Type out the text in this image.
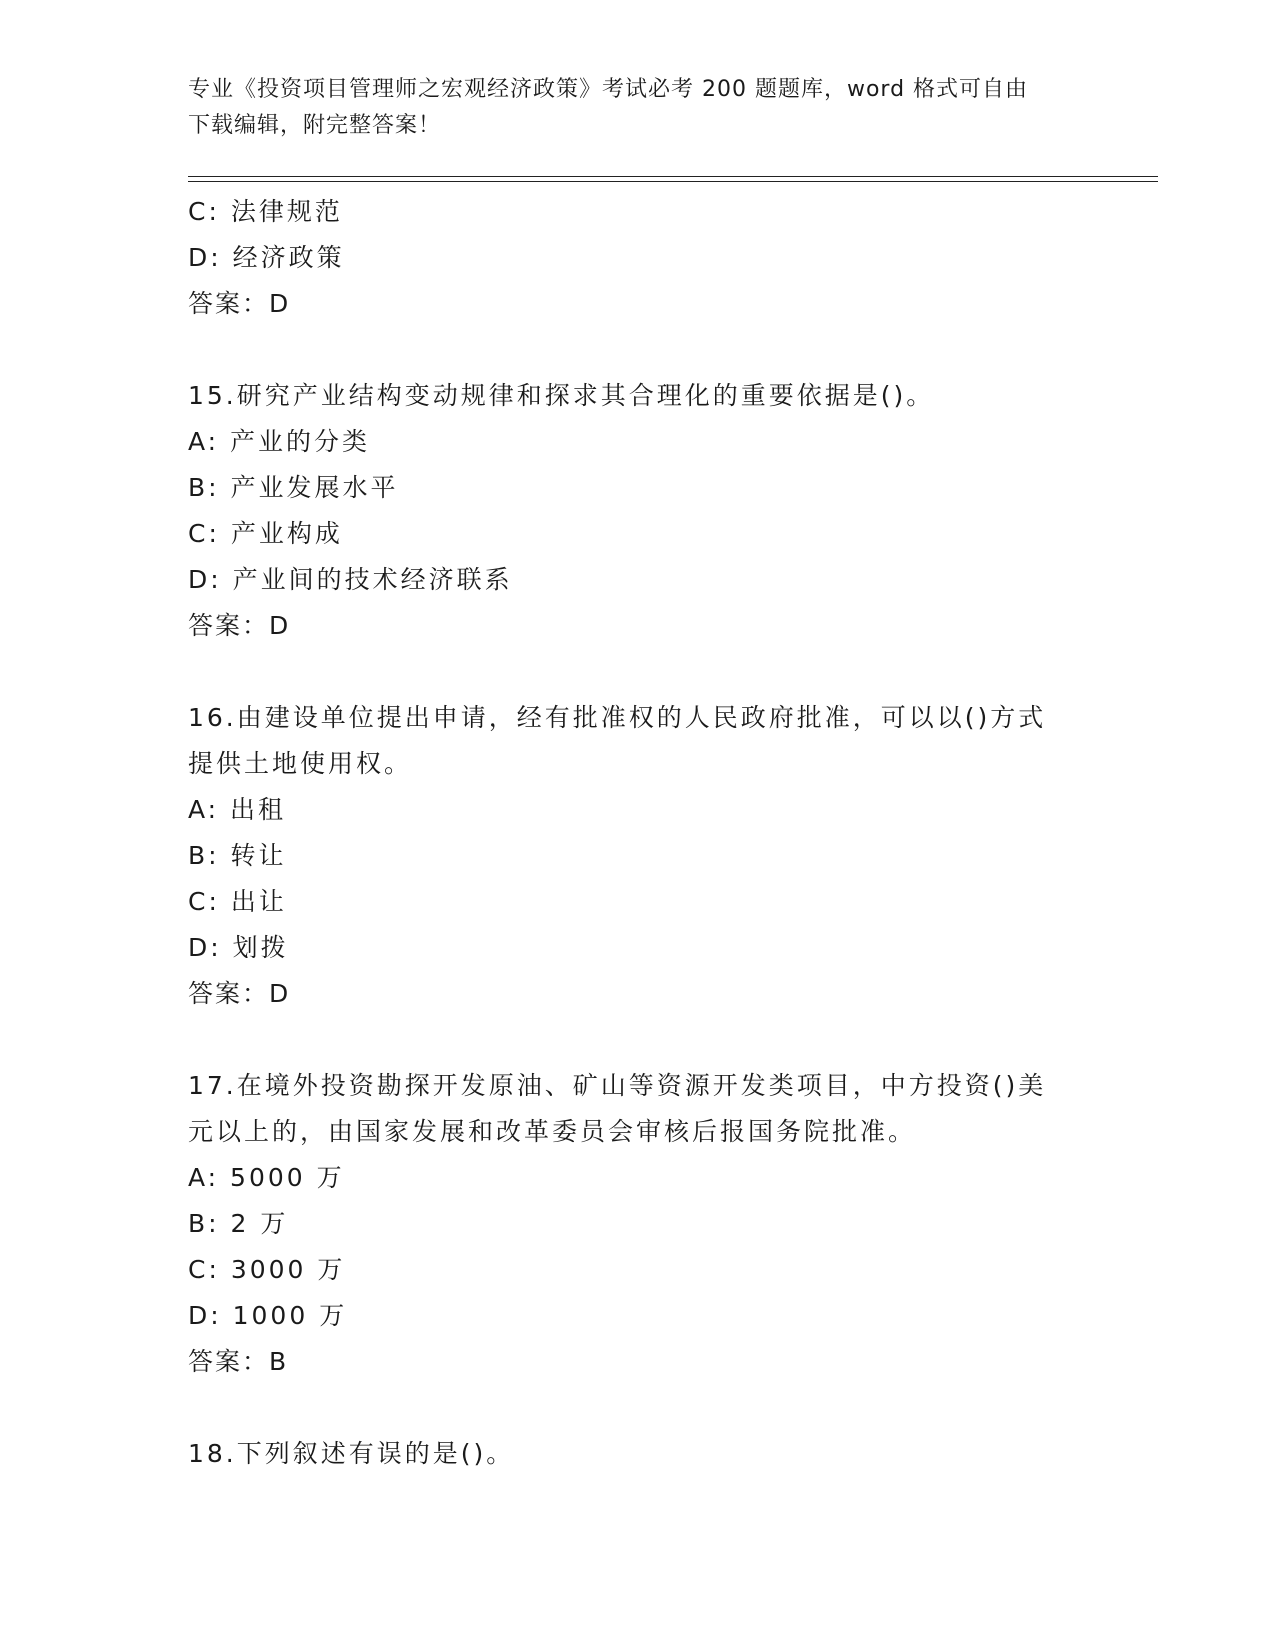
专业《投资项目管理师之宏观经济政策》考试必考 200 题题库，word 格式可自由
下载编辑，附完整答案！
C: 法律规范
D: 经济政策
答案：D
15.研究产业结构变动规律和探求其合理化的重要依据是()。
A: 产业的分类
B: 产业发展水平
C: 产业构成
D: 产业间的技术经济联系
答案：D
16.由建设单位提出申请，经有批准权的人民政府批准，可以以()方式
提供土地使用权。
A: 出租
B: 转让
C: 出让
D: 划拨
答案：D
17.在境外投资勘探开发原油、矿山等资源开发类项目，中方投资()美
元以上的，由国家发展和改革委员会审核后报国务院批准。
A: 5000 万
B: 2 万
C: 3000 万
D: 1000 万
答案：B
18.下列叙述有误的是()。
